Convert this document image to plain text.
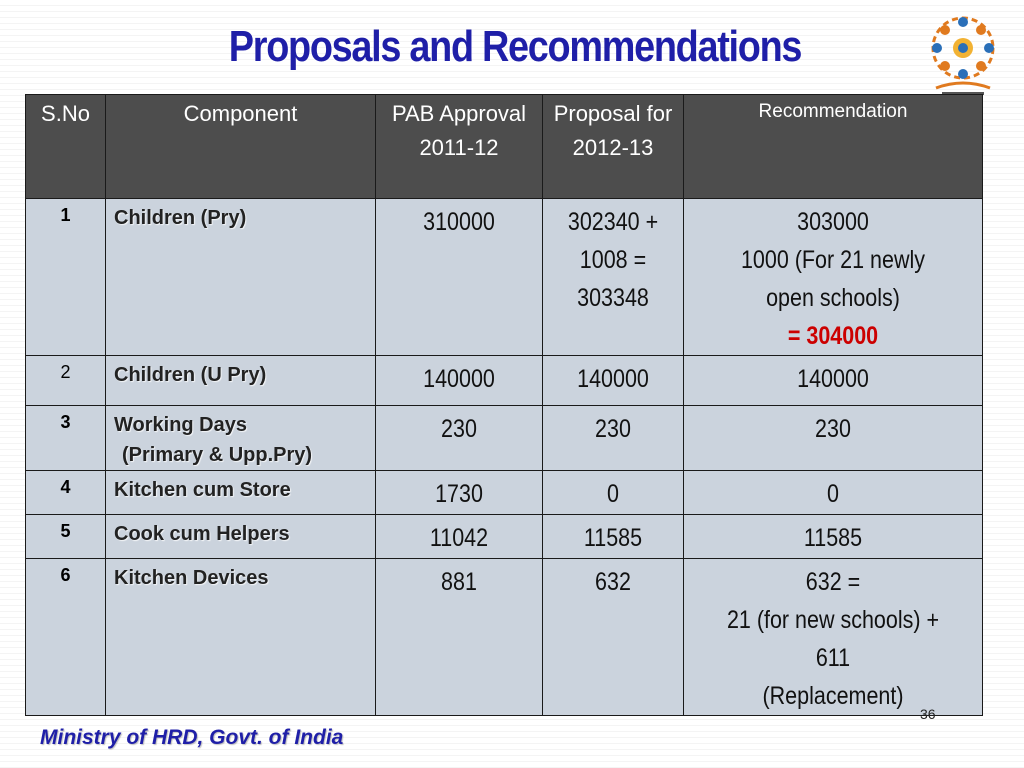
Proposals and Recommendations
S.No	Component	PAB Approval 2011-12	Proposal for 2012-13	Recommendation
1	Children (Pry)	310000	302340 +
1008 =
303348	303000
1000 (For 21 newly
open schools)
= 304000

2	Children (U Pry)	140000	140000	140000

3	Working Days
(Primary & Upp.Pry)	230	230	230

4	Kitchen cum Store	1730	0	0

5	Cook cum Helpers	11042	11585	11585

6	Kitchen Devices	881	632	632 =
21 (for new schools) +
611
(Replacement)
36
Ministry of HRD, Govt. of India
